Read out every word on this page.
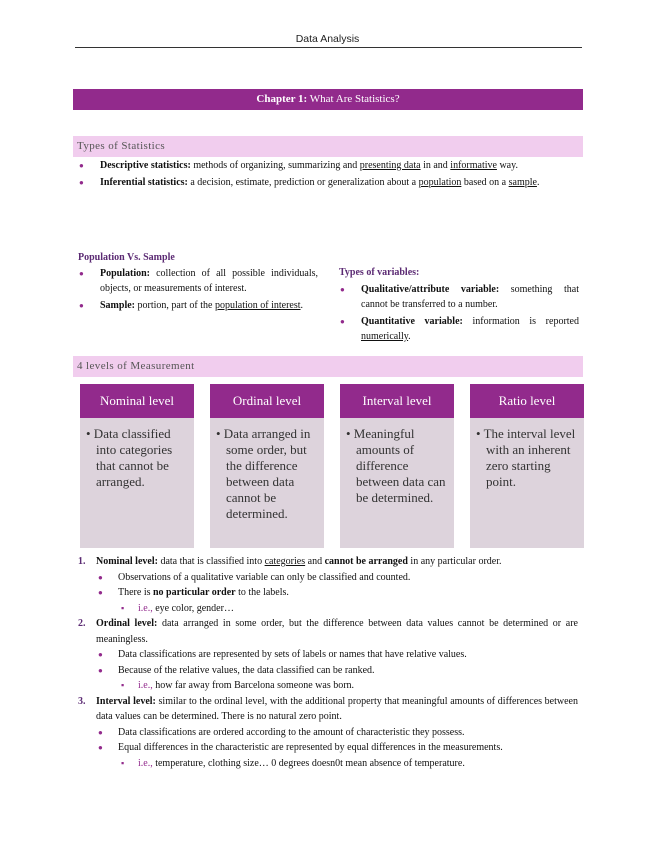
Data Analysis
Chapter 1: What Are Statistics?
Types of Statistics
● Descriptive statistics: methods of organizing, summarizing and presenting data in and informative way.
● Inferential statistics: a decision, estimate, prediction or generalization about a population based on a sample.
Population Vs. Sample
● Population: collection of all possible individuals, objects, or measurements of interest.
● Sample: portion, part of the population of interest.
Types of variables:
● Qualitative/attribute variable: something that cannot be transferred to a number.
● Quantitative variable: information is reported numerically.
4 levels of Measurement
Nominal level
• Data classified into categories that cannot be arranged.
Ordinal level
• Data arranged in some order, but the difference between data cannot be determined.
Interval level
• Meaningful amounts of difference between data can be determined.
Ratio level
• The interval level with an inherent zero starting point.
1. Nominal level: data that is classified into categories and cannot be arranged in any particular order.
● Observations of a qualitative variable can only be classified and counted.
● There is no particular order to the labels.
▪ i.e., eye color, gender…
2. Ordinal level: data arranged in some order, but the difference between data values cannot be determined or are meaningless.
● Data classifications are represented by sets of labels or names that have relative values.
● Because of the relative values, the data classified can be ranked.
▪ i.e., how far away from Barcelona someone was born.
3. Interval level: similar to the ordinal level, with the additional property that meaningful amounts of differences between data values can be determined. There is no natural zero point.
● Data classifications are ordered according to the amount of characteristic they possess.
● Equal differences in the characteristic are represented by equal differences in the measurements.
▪ i.e., temperature, clothing size… 0 degrees doesn0t mean absence of temperature.
